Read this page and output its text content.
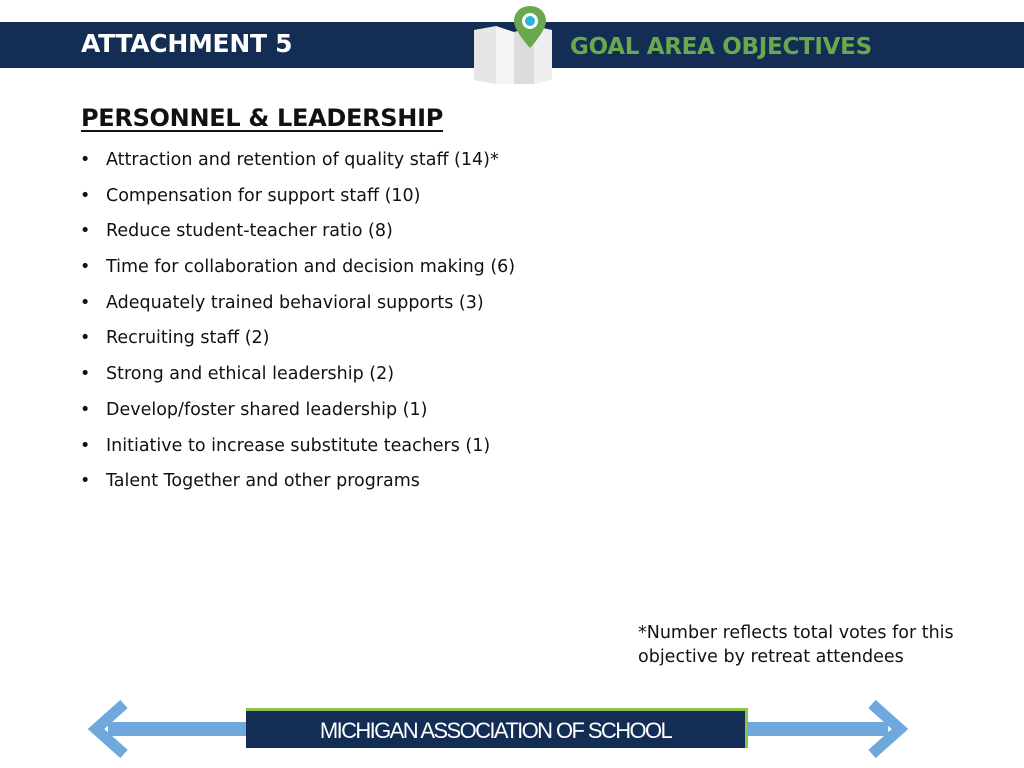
ATTACHMENT 5	GOAL AREA OBJECTIVES
PERSONNEL & LEADERSHIP
• Attraction and retention of quality staff (14)*
• Compensation for support staff (10)
• Reduce student-teacher ratio (8)
• Time for collaboration and decision making (6)
• Adequately trained behavioral supports (3)
• Recruiting staff (2)
• Strong and ethical leadership (2)
• Develop/foster shared leadership (1)
• Initiative to increase substitute teachers (1)
• Talent Together and other programs

*Number reflects total votes for this objective by retreat attendees

MICHIGAN ASSOCIATION OF SCHOOL
